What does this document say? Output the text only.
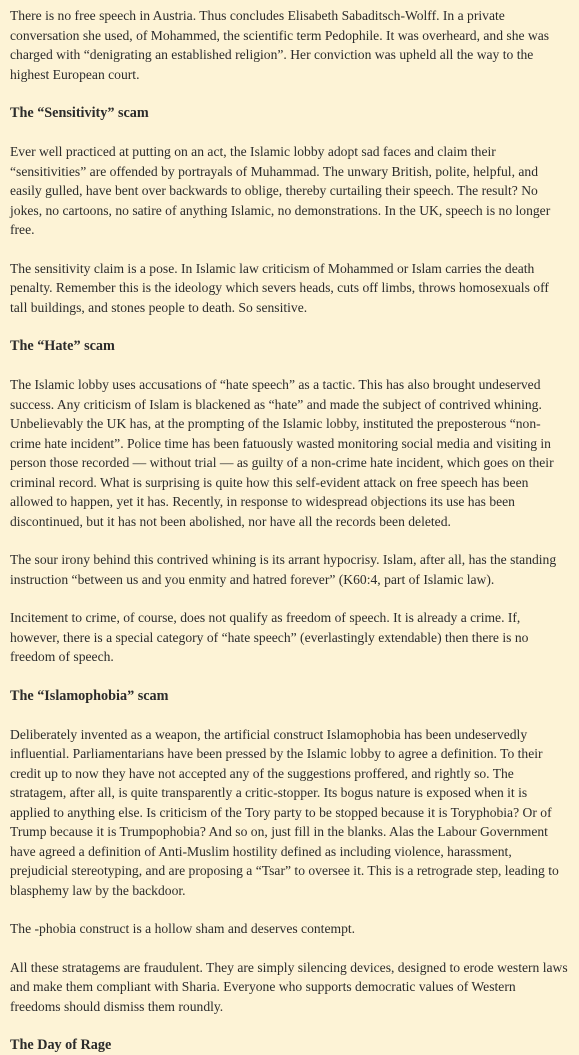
There is no free speech in Austria. Thus concludes Elisabeth Sabaditsch-Wolff. In a private conversation she used, of Mohammed, the scientific term Pedophile. It was overheard, and she was charged with “denigrating an established religion”. Her conviction was upheld all the way to the highest European court.

The “Sensitivity” scam

Ever well practiced at putting on an act, the Islamic lobby adopt sad faces and claim their “sensitivities” are offended by portrayals of Muhammad. The unwary British, polite, helpful, and easily gulled, have bent over backwards to oblige, thereby curtailing their speech. The result? No jokes, no cartoons, no satire of anything Islamic, no demonstrations. In the UK, speech is no longer free.

The sensitivity claim is a pose. In Islamic law criticism of Mohammed or Islam carries the death penalty. Remember this is the ideology which severs heads, cuts off limbs, throws homosexuals off tall buildings, and stones people to death. So sensitive.

The “Hate” scam

The Islamic lobby uses accusations of “hate speech” as a tactic. This has also brought undeserved success. Any criticism of Islam is blackened as “hate” and made the subject of contrived whining. Unbelievably the UK has, at the prompting of the Islamic lobby, instituted the preposterous “non-crime hate incident”. Police time has been fatuously wasted monitoring social media and visiting in person those recorded — without trial — as guilty of a non-crime hate incident, which goes on their criminal record. What is surprising is quite how this self-evident attack on free speech has been allowed to happen, yet it has. Recently, in response to widespread objections its use has been discontinued, but it has not been abolished, nor have all the records been deleted.

The sour irony behind this contrived whining is its arrant hypocrisy. Islam, after all, has the standing instruction “between us and you enmity and hatred forever” (K60:4, part of Islamic law).

Incitement to crime, of course, does not qualify as freedom of speech. It is already a crime. If, however, there is a special category of “hate speech” (everlastingly extendable) then there is no freedom of speech.

The “Islamophobia” scam

Deliberately invented as a weapon, the artificial construct Islamophobia has been undeservedly influential. Parliamentarians have been pressed by the Islamic lobby to agree a definition. To their credit up to now they have not accepted any of the suggestions proffered, and rightly so. The stratagem, after all, is quite transparently a critic-stopper. Its bogus nature is exposed when it is applied to anything else. Is criticism of the Tory party to be stopped because it is Toryphobia? Or of Trump because it is Trumpophobia? And so on, just fill in the blanks. Alas the Labour Government have agreed a definition of Anti-Muslim hostility defined as including violence, harassment, prejudicial stereotyping, and are proposing a “Tsar” to oversee it. This is a retrograde step, leading to blasphemy law by the backdoor.

The -phobia construct is a hollow sham and deserves contempt.

All these stratagems are fraudulent. They are simply silencing devices, designed to erode western laws and make them compliant with Sharia. Everyone who supports democratic values of Western freedoms should dismiss them roundly.

The Day of Rage
